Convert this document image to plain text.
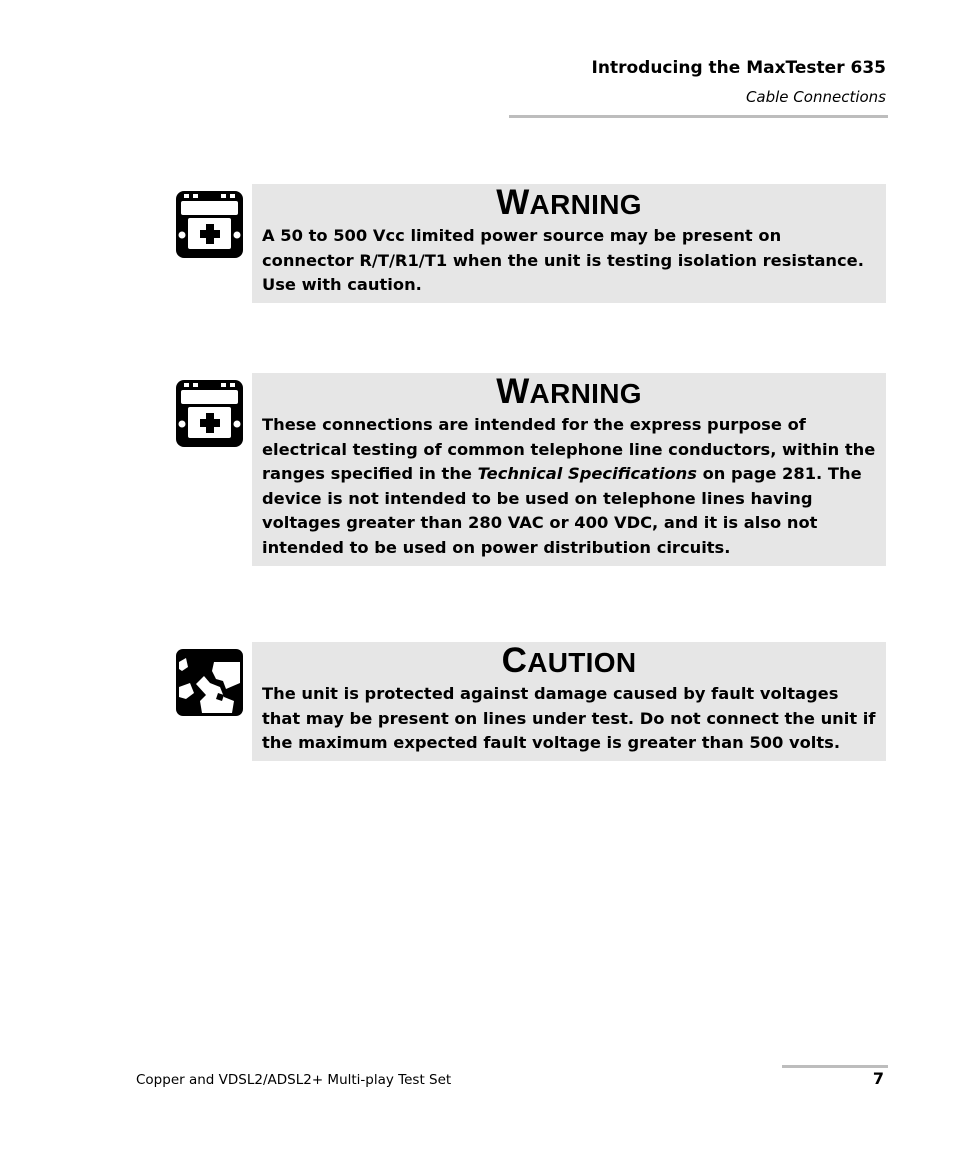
Introducing the MaxTester 635
Cable Connections
WARNING
A 50 to 500 Vcc limited power source may be present on connector R/T/R1/T1 when the unit is testing isolation resistance. Use with caution.
WARNING
These connections are intended for the express purpose of electrical testing of common telephone line conductors, within the ranges specified in the Technical Specifications on page 281. The device is not intended to be used on telephone lines having voltages greater than 280 VAC or 400 VDC, and it is also not intended to be used on power distribution circuits.
CAUTION
The unit is protected against damage caused by fault voltages that may be present on lines under test. Do not connect the unit if the maximum expected fault voltage is greater than 500 volts.
Copper and VDSL2/ADSL2+ Multi-play Test Set	7
